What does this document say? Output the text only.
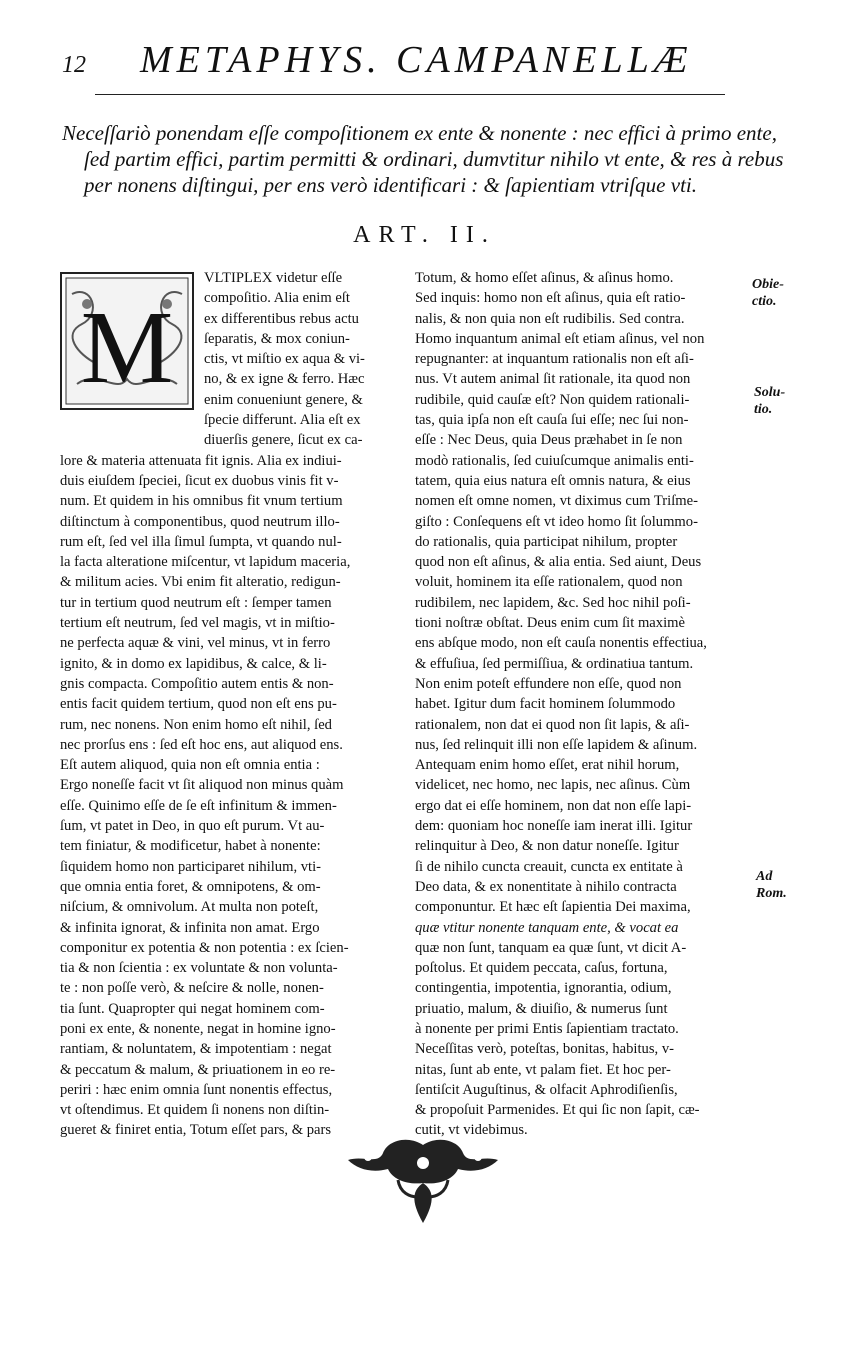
12 METAPHYS. CAMPANELLÆ
Neceſſariò ponendam eſſe compoſitionem ex ente & nonente : nec effici à primo ente,
ſed partim effici, partim permitti & ordinari, dumvtitur nihilo vt ente, & res à rebus
per nonens diſtingui, per ens verò identificari : & ſapientiam vtriſque vti.
ART. II.
VLTIPLEX videtur eſſe
compoſitio. Alia enim eſt
ex differentibus rebus actu
ſeparatis, & mox coniun-
ctis, vt miſtio ex aqua & vi-
no, & ex igne & ferro. Hæc
enim conueniunt genere, &
ſpecie differunt. Alia eſt ex
diuerſis genere, ſicut ex ca-
lore & materia attenuata fit ignis. Alia ex indiui-
duis eiuſdem ſpeciei, ſicut ex duobus vinis fit v-
num. Et quidem in his omnibus fit vnum tertium
diſtinctum à componentibus, quod neutrum illo-
rum eſt, ſed vel illa ſimul ſumpta, vt quando nul-
la facta alteratione miſcentur, vt lapidum maceria,
& militum acies. Vbi enim fit alteratio, redigun-
tur in tertium quod neutrum eſt : ſemper tamen
tertium eſt neutrum, ſed vel magis, vt in miſtio-
ne perfecta aquæ & vini, vel minus, vt in ferro
ignito, & in domo ex lapidibus, & calce, & li-
gnis compacta. Compoſitio autem entis & non-
entis facit quidem tertium, quod non eſt ens pu-
rum, nec nonens. Non enim homo eſt nihil, ſed
nec prorſus ens : ſed eſt hoc ens, aut aliquod ens.
Eſt autem aliquod, quia non eſt omnia entia :
Ergo noneſſe facit vt ſit aliquod non minus quàm
eſſe. Quinimo eſſe de ſe eſt infinitum & immen-
ſum, vt patet in Deo, in quo eſt purum. Vt au-
tem finiatur, & modificetur, habet à nonente:
ſiquidem homo non participaret nihilum, vti-
que omnia entia foret, & omnipotens, & om-
niſcium, & omnivolum. At multa non poteſt,
& infinita ignorat, & infinita non amat. Ergo
componitur ex potentia & non potentia : ex ſcien-
tia & non ſcientia : ex voluntate & non volunta-
te : non poſſe verò, & neſcire & nolle, nonen-
tia ſunt. Quapropter qui negat hominem com-
poni ex ente, & nonente, negat in homine igno-
rantiam, & noluntatem, & impotentiam : negat
& peccatum & malum, & priuationem in eo re-
periri : hæc enim omnia ſunt nonentis effectus,
vt oſtendimus. Et quidem ſi nonens non diſtin-
gueret & finiret entia, Totum eſſet pars, & pars
M
Totum, & homo eſſet aſinus, & aſinus homo.
Sed inquis: homo non eſt aſinus, quia eſt ratio-
nalis, & non quia non eſt rudibilis. Sed contra.
Homo inquantum animal eſt etiam aſinus, vel non
repugnanter: at inquantum rationalis non eſt aſi-
nus. Vt autem animal ſit rationale, ita quod non
rudibile, quid cauſæ eſt? Non quidem rationali-
tas, quia ipſa non eſt cauſa ſui eſſe; nec ſui non-
eſſe : Nec Deus, quia Deus præhabet in ſe non
modò rationalis, ſed cuiuſcumque animalis enti-
tatem, quia eius natura eſt omnis natura, & eius
nomen eſt omne nomen, vt diximus cum Triſme-
giſto : Conſequens eſt vt ideo homo ſit ſolummo-
do rationalis, quia participat nihilum, propter
quod non eſt aſinus, & alia entia. Sed aiunt, Deus
voluit, hominem ita eſſe rationalem, quod non
rudibilem, nec lapidem, &c. Sed hoc nihil poſi-
tioni noſtræ obſtat. Deus enim cum ſit maximè
ens abſque modo, non eſt cauſa nonentis effectiua,
& effuſiua, ſed permiſſiua, & ordinatiua tantum.
Non enim poteſt effundere non eſſe, quod non
habet. Igitur dum facit hominem ſolummodo
rationalem, non dat ei quod non ſit lapis, & aſi-
nus, ſed relinquit illi non eſſe lapidem & aſinum.
Antequam enim homo eſſet, erat nihil horum,
videlicet, nec homo, nec lapis, nec aſinus. Cùm
ergo dat ei eſſe hominem, non dat non eſſe lapi-
dem: quoniam hoc noneſſe iam inerat illi. Igitur
relinquitur à Deo, & non datur noneſſe. Igitur
ſi de nihilo cuncta creauit, cuncta ex entitate à
Deo data, & ex nonentitate à nihilo contracta
componuntur. Et hæc eſt ſapientia Dei maxima,
quæ vtitur nonente tanquam ente, & vocat ea
quæ non ſunt, tanquam ea quæ ſunt, vt dicit A-
poſtolus. Et quidem peccata, caſus, fortuna,
contingentia, impotentia, ignorantia, odium,
priuatio, malum, & diuiſio, & numerus ſunt
à nonente per primi Entis ſapientiam tractato.
Neceſſitas verò, poteſtas, bonitas, habitus, v-
nitas, ſunt ab ente, vt palam fiet. Et hoc per-
ſentiſcit Auguſtinus, & olfacit Aphrodiſienſis,
& propoſuit Parmenides. Et qui ſic non ſapit, cæ-
cutit, vt videbimus.
Obie-
ctio.
Solu-
tio.
Ad
Rom.
